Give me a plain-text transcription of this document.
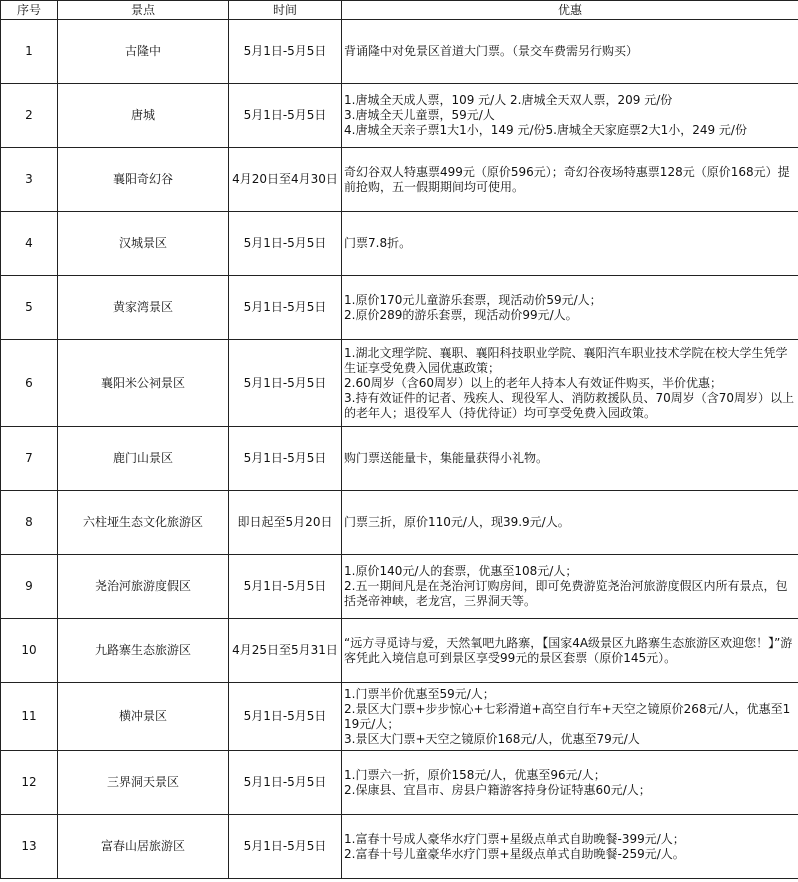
序号	景点	时间	优惠
1	古隆中	5月1日-5月5日	背诵隆中对免景区首道大门票。（景交车费需另行购买）
2	唐城	5月1日-5月5日	1.唐城全天成人票，109 元/人 2.唐城全天双人票，209 元/份
3.唐城全天儿童票，59元/人
4.唐城全天亲子票1大1小，149 元/份5.唐城全天家庭票2大1小，249 元/份
3	襄阳奇幻谷	4月20日至4月30日	奇幻谷双人特惠票499元（原价596元）；奇幻谷夜场特惠票128元（原价168元）提前抢购，五一假期期间均可使用。
4	汉城景区	5月1日-5月5日	门票7.8折。
5	黄家湾景区	5月1日-5月5日	1.原价170元儿童游乐套票，现活动价59元/人；
2.原价289的游乐套票，现活动价99元/人。
6	襄阳米公祠景区	5月1日-5月5日	1.湖北文理学院、襄职、襄阳科技职业学院、襄阳汽车职业技术学院在校大学生凭学生证享受免费入园优惠政策；
2.60周岁（含60周岁）以上的老年人持本人有效证件购买，半价优惠；
3.持有效证件的记者、残疾人、现役军人、消防救援队员、70周岁（含70周岁）以上的老年人；退役军人（持优待证）均可享受免费入园政策。
7	鹿门山景区	5月1日-5月5日	购门票送能量卡，集能量获得小礼物。
8	六柱垭生态文化旅游区	即日起至5月20日	门票三折，原价110元/人，现39.9元/人。
9	尧治河旅游度假区	5月1日-5月5日	1.原价140元/人的套票，优惠至108元/人；
2.五一期间凡是在尧治河订购房间，即可免费游览尧治河旅游度假区内所有景点，包括尧帝神峡，老龙宫，三界洞天等。
10	九路寨生态旅游区	4月25日至5月31日	“远方寻觅诗与爱，天然氧吧九路寨，【国家4A级景区九路寨生态旅游区欢迎您！】”游客凭此入境信息可到景区享受99元的景区套票（原价145元）。
11	横冲景区	5月1日-5月5日	1.门票半价优惠至59元/人；
2.景区大门票+步步惊心+七彩滑道+高空自行车+天空之镜原价268元/人，优惠至119元/人；
3.景区大门票+天空之镜原价168元/人，优惠至79元/人
12	三界洞天景区	5月1日-5月5日	1.门票六一折，原价158元/人，优惠至96元/人；
2.保康县、宜昌市、房县户籍游客持身份证特惠60元/人；
13	富春山居旅游区	5月1日-5月5日	1.富春十号成人豪华水疗门票+星级点单式自助晚餐-399元/人；
2.富春十号儿童豪华水疗门票+星级点单式自助晚餐-259元/人。
